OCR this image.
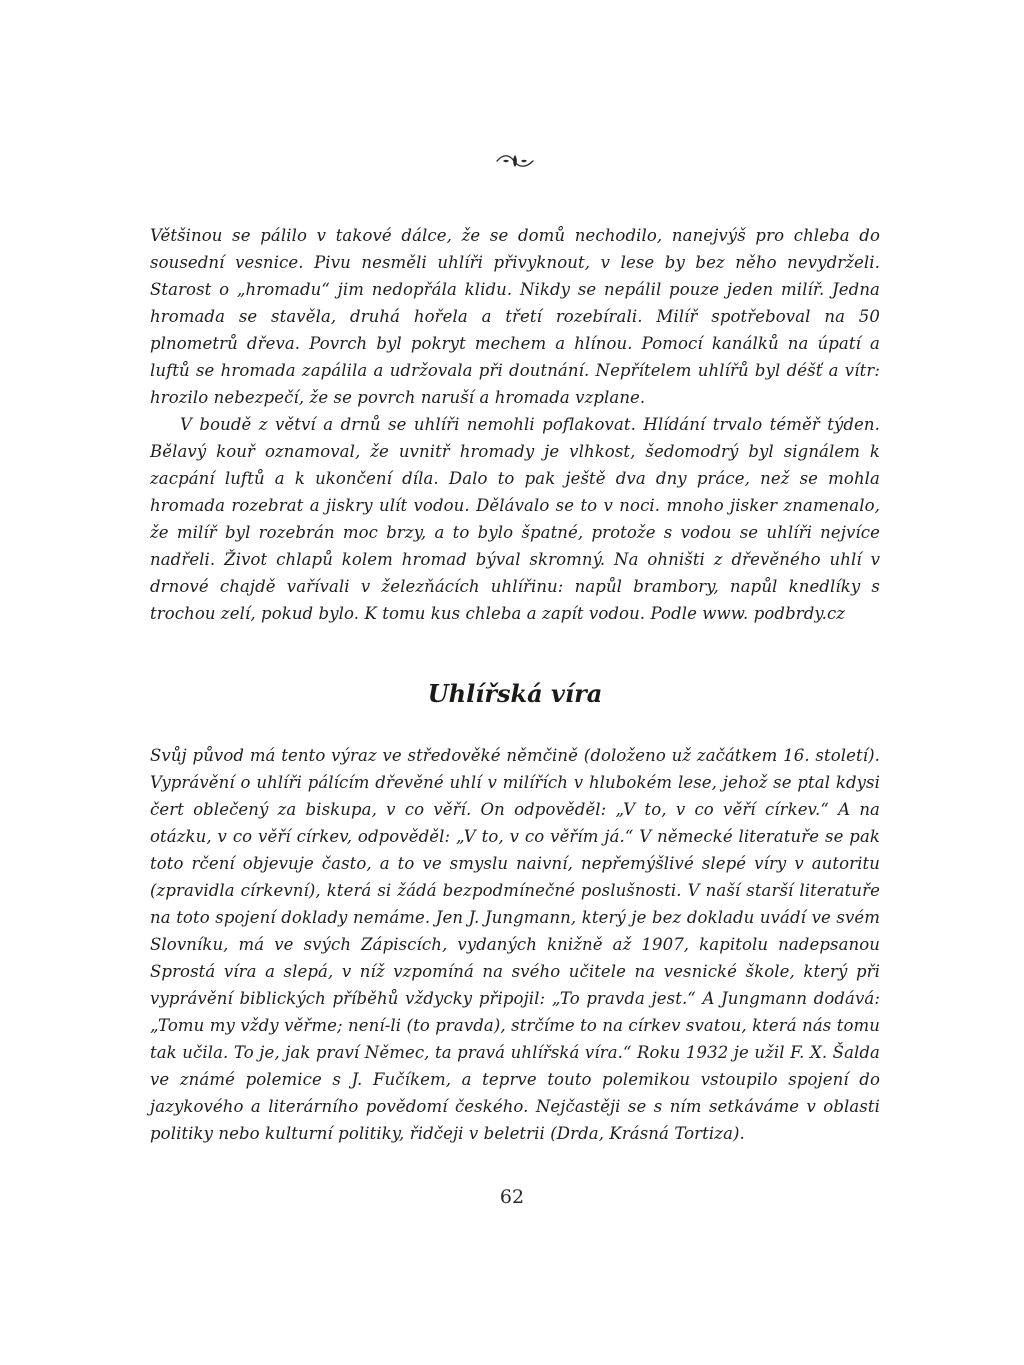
Většinou se pálilo v takové dálce, že se domů nechodilo, nanejvýš pro chleba do sousední vesnice. Pivu nesměli uhlíři přivyknout, v lese by bez něho nevydrželi. Starost o „hromadu“ jim nedopřála klidu. Nikdy se nepálil pouze jeden milíř. Jedna hromada se stavěla, druhá hořela a třetí rozebírali. Milíř spotřeboval na 50 plnometrů dřeva. Povrch byl pokryt mechem a hlínou. Pomocí kanálků na úpatí a luftů se hromada zapálila a udržovala při doutnání. Nepřítelem uhlířů byl déšť a vítr: hrozilo nebezpečí, že se povrch naruší a hromada vzplane.

V boudě z větví a drnů se uhlíři nemohli poflakovat. Hlídání trvalo téměř týden. Bělavý kouř oznamoval, že uvnitř hromady je vlhkost, šedomodrý byl signálem k zacpání luftů a k ukončení díla. Dalo to pak ještě dva dny práce, než se mohla hromada rozebrat a jiskry ulít vodou. Dělávalo se to v noci. mnoho jisker znamenalo, že milíř byl rozebrán moc brzy, a to bylo špatné, protože s vodou se uhlíři nejvíce nadřeli. Život chlapů kolem hromad býval skromný. Na ohništi z dřevěného uhlí v drnové chajdě vařívali v železňácích uhlířinu: napůl brambory, napůl knedlíky s trochou zelí, pokud bylo. K tomu kus chleba a zapít vodou. Podle www. podbrdy.cz

Uhlířská víra

Svůj původ má tento výraz ve středověké němčině (doloženo už začátkem 16. století). Vyprávění o uhlíři pálícím dřevěné uhlí v milířích v hlubokém lese, jehož se ptal kdysi čert oblečený za biskupa, v co věří. On odpověděl: „V to, v co věří církev.“ A na otázku, v co věří církev, odpověděl: „V to, v co věřím já.“ V německé literatuře se pak toto rčení objevuje často, a to ve smyslu naivní, nepřemýšlivé slepé víry v autoritu (zpravidla církevní), která si žádá bezpodmínečné poslušnosti. V naší starší literatuře na toto spojení doklady nemáme. Jen J. Jungmann, který je bez dokladu uvádí ve svém Slovníku, má ve svých Zápiscích, vydaných knižně až 1907, kapitolu nadepsanou Sprostá víra a slepá, v níž vzpomíná na svého učitele na vesnické škole, který při vyprávění biblických příběhů vždycky připojil: „To pravda jest.“ A Jungmann dodává: „Tomu my vždy věřme; není-li (to pravda), strčíme to na církev svatou, která nás tomu tak učila. To je, jak praví Němec, ta pravá uhlířská víra.“ Roku 1932 je užil F. X. Šalda ve známé polemice s J. Fučíkem, a teprve touto polemikou vstoupilo spojení do jazykového a literárního povědomí českého. Nejčastěji se s ním setkáváme v oblasti politiky nebo kulturní politiky, řidčeji v beletrii (Drda, Krásná Tortiza).

62
